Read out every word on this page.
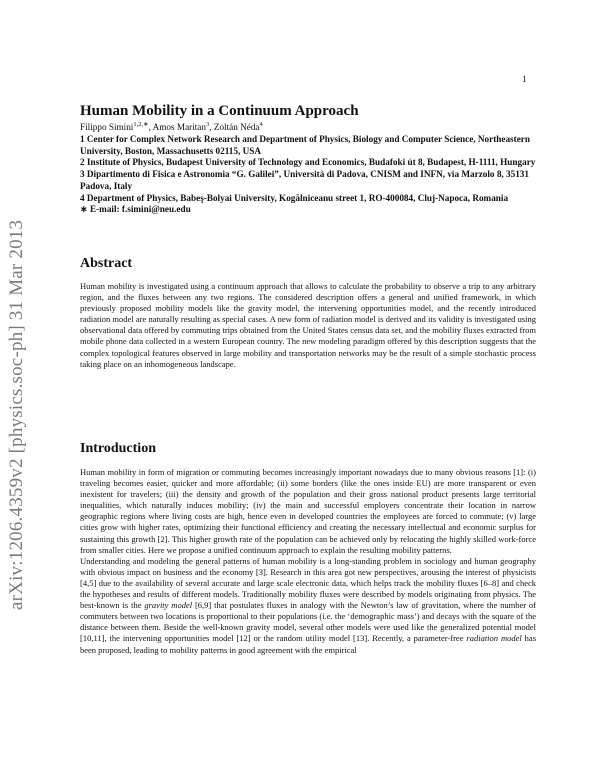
1
arXiv:1206.4359v2 [physics.soc-ph] 31 Mar 2013
Human Mobility in a Continuum Approach
Filippo Simini$^{1,2,∗}$, Amos Maritan$^3$, Zoltán Néda$^4$
1 Center for Complex Network Research and Department of Physics, Biology and Computer Science, Northeastern University, Boston, Massachusetts 02115, USA
2 Institute of Physics, Budapest University of Technology and Economics, Budafoki út 8, Budapest, H-1111, Hungary
3 Dipartimento di Fisica e Astronomia “G. Galilei”, Università di Padova, CNISM and INFN, via Marzolo 8, 35131 Padova, Italy
4 Department of Physics, Babeş-Bolyai University, Kogălniceanu street 1, RO-400084, Cluj-Napoca, Romania
∗ E-mail: f.simini@neu.edu
Abstract

Human mobility is investigated using a continuum approach that allows to calculate the probability to observe a trip to any arbitrary region, and the fluxes between any two regions. The considered description offers a general and unified framework, in which previously proposed mobility models like the gravity model, the intervening opportunities model, and the recently introduced radiation model are naturally resulting as special cases. A new form of radiation model is derived and its validity is investigated using observational data offered by commuting trips obtained from the United States census data set, and the mobility fluxes extracted from mobile phone data collected in a western European country. The new modeling paradigm offered by this description suggests that the complex topological features observed in large mobility and transportation networks may be the result of a simple stochastic process taking place on an inhomogeneous landscape.

Introduction

Human mobility in form of migration or commuting becomes increasingly important nowadays due to many obvious reasons [1]: (i) traveling becomes easier, quicker and more affordable; (ii) some borders (like the ones inside EU) are more transparent or even inexistent for travelers; (iii) the density and growth of the population and their gross national product presents large territorial inequalities, which naturally induces mobility; (iv) the main and successful employers concentrate their location in narrow geographic regions where living costs are high, hence even in developed countries the employees are forced to commute; (v) large cities grow with higher rates, optimizing their functional efficiency and creating the necessary intellectual and economic surplus for sustaining this growth [2]. This higher growth rate of the population can be achieved only by relocating the highly skilled work-force from smaller cities. Here we propose a unified continuum approach to explain the resulting mobility patterns.

Understanding and modeling the general patterns of human mobility is a long-standing problem in sociology and human geography with obvious impact on business and the economy [3]. Research in this area got new perspectives, arousing the interest of physicists [4,5] due to the availability of several accurate and large scale electronic data, which helps track the mobility fluxes [6–8] and check the hypotheses and results of different models. Traditionally mobility fluxes were described by models originating from physics. The best-known is the gravity model [6,9] that postulates fluxes in analogy with the Newton’s law of gravitation, where the number of commuters between two locations is proportional to their populations (i.e. the ‘demographic mass’) and decays with the square of the distance between them. Beside the well-known gravity model, several other models were used like the generalized potential model [10,11], the intervening opportunities model [12] or the random utility model [13]. Recently, a parameter-free radiation model has been proposed, leading to mobility patterns in good agreement with the empirical
